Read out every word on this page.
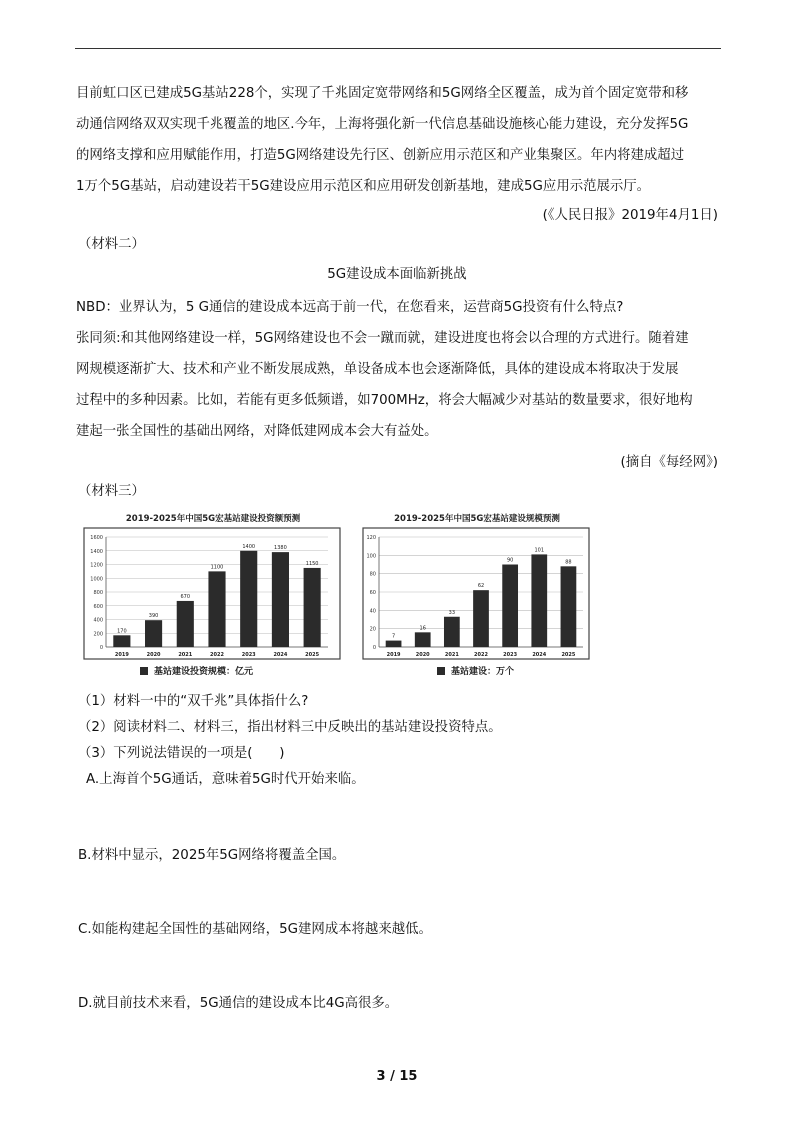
目前虹口区已建成5G基站228个，实现了千兆固定宽带网络和5G网络全区覆盖，成为首个固定宽带和移
动通信网络双双实现千兆覆盖的地区.今年，上海将强化新一代信息基础设施核心能力建设，充分发挥5G
的网络支撑和应用赋能作用，打造5G网络建设先行区、创新应用示范区和产业集聚区。年内将建成超过
1万个5G基站，启动建设若干5G建设应用示范区和应用研发创新基地，建成5G应用示范展示厅。
(《人民日报》2019年4月1日)
（材料二）
5G建设成本面临新挑战
NBD：业界认为，5 G通信的建设成本远高于前一代，在您看来，运营商5G投资有什么特点?
张同须:和其他网络建设一样，5G网络建设也不会一蹴而就，建设进度也将会以合理的方式进行。随着建
网规模逐渐扩大、技术和产业不断发展成熟，单设备成本也会逐渐降低，具体的建设成本将取决于发展
过程中的多种因素。比如，若能有更多低频谱，如700MHz，将会大幅减少对基站的数量要求，很好地构
建起一张全国性的基础出网络，对降低建网成本会大有益处。
(摘自《每经网》)
（材料三）
2019-2025年中国5G宏基站建设投资额预测
0
200
400
600
800
1000
1200
1400
1600
170
2019
390
2020
670
2021
1100
2022
1400
2023
1380
2024
1150
2025
基站建设投资规模：亿元
2019-2025年中国5G宏基站建设规模预测
0
20
40
60
80
100
120
7
2019
16
2020
33
2021
62
2022
90
2023
101
2024
88
2025
基站建设：万个
（1）材料一中的“双千兆”具体指什么?
（2）阅读材料二、材料三，指出材料三中反映出的基站建设投资特点。
（3）下列说法错误的一项是(　　)
A.上海首个5G通话，意味着5G时代开始来临。
B.材料中显示，2025年5G网络将覆盖全国。
C.如能构建起全国性的基础网络，5G建网成本将越来越低。
D.就目前技术来看，5G通信的建设成本比4G高很多。
3 / 15
